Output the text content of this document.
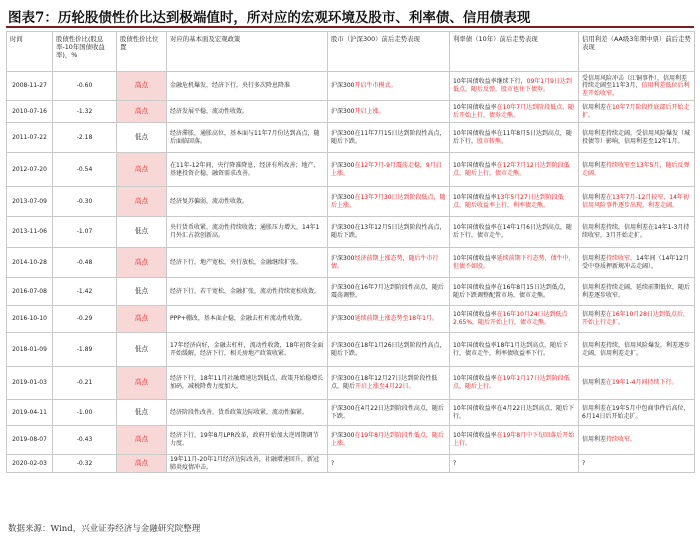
图表7：历轮股债性价比达到极端值时，所对应的宏观环境及股市、利率债、信用债表现
时间	股债性价比(股息率-10年国债收益率)，%	股债性价比位置	对应的基本面及宏观政策	股市（沪深300）前后走势表现	利率债（10年）前后走势表现	信用利差（AA级3年期中票）前后走势表现
2008-11-27	-0.60	高点	金融危机爆发，经济下行，央行多次降息降准	沪深300开启牛市模式。	10年国债收益率继续下行，09年1月9日达到低点，随后反弹，股市也往下债券。	受信用风险冲击（江铜事件），信用利差持续走阔至11年3月，信用利差低位后利差开始收窄。
2010-07-16	-1.32	高点	经济发展平稳，流动性收敛。	沪深300开启上涨。	10年国债收益率在10年7月达到阶段低点，随后开始上行，债券走熊。	信用利差在10年7月阶段性底部后开始走扩。
2011-07-22	-2.18	低点	经济滞胀，通胀高位，基本面与11年7月份达到高点，随后面临回落。	沪深300在11年7月15日达到阶段性高点，随后下跌。	10年国债收益率在11年8月5日达到高点，随后下行，股市转熊。	信用利差持续走阔，受信用风险爆发（城投债等）影响，信用利差至12年1月。
2012-07-20	-0.54	高点	在11年-12年间，央行降准降息，经济有所改善；地产、基建投资企稳，融资需求改善。	沪深300在12年7月-9月震荡走稳，9月启上涨。	10年国债收益率在12年7月12日达到阶段低点，随后上行，债市走熊。	信用利差持续收窄至13年5月，随后反弹走阔。
2013-07-09	-0.30	高点	经济复苏偏弱，流动性收敛。	沪深300在13年7月30日达到阶段低点，随后上涨。	10年国债收益率13年5月27日达到阶段低点，随后收益率上行，利率债走熊。	信用利差在13年7月-12月较窄，14年初信用风险事件逐步出现，利差走阔。
2013-11-06	-1.07	低点	央行货币收紧，流动性持续收敛；通胀压力增大，14年1月外汇占款创新高。	沪深300在13年12月5日达到阶段性高点，随后下跌。	10年国债收益率在14年1月6日达到高点，随后下行，债市走牛。	信用利差持续，信用利差在14年1-3月持续收窄，3月开始走扩。
2014-10-28	-0.48	高点	经济下行，地产宽松，央行放松，金融继续扩张。	沪深300经济前期上涨态势，随后牛市行情。	10年国债收益率延续前期下行态势，债牛中，但债不如股。	信用利差持续收窄，14年间（14年12月受中登质押新规冲击走阔）。
2016-07-08	-1.42	低点	经济下行，若干宽松，金融扩张，流动性持续宽松收敛。	沪深300在16年7月达到阶段性高点，随后震荡调整。	10年国债收益率在16年8月15日达到低点，随后下跌调整配置市场，债市走熊。	信用利差持续走阔，延续前期低位，随后利差逐步收窄。
2016-10-10	-0.29	高点	PPP+棚改，基本面企稳，金融去杠杆流动性收敛。	沪深300延续前期上涨态势至18年1月。	10年国债收益率在16年10月24日达到低点2.65%，随后开始上行，债市走熊。	信用利差在16年10月28日达到低点后，开始上行走扩。
2018-01-09	-1.89	低点	17年经济向好，金融去杠杆，流动性收敛，18年初资金面开始缓解，经济下行，相关房地产政策收紧。	沪深300在18年1月26日达到阶段性高点，随后下跌。	10年国债收益率18年1月达到高点，随后下行，债市走牛，利率债收益率下行。	信用利差持续，信用风险爆发，利差逐步走阔，信用利差走扩。
2019-01-03	-0.21	高点	经济下行，18年11月社融增速达到低点，政策开始稳增长加码，减税降费力度加大。	沪深300在18年12月27日达到阶段性低点，随后开启上涨至4月22日。	10年国债收益率在19年1月17日达到阶段低点，随后上行。	信用利差在19年1-4月间持续下行。
2019-04-11	-1.00	低点	经济阶段性改善，货币政策边际收紧，流动性偏紧。	沪深300在4月22日达到阶段性高点，随后下跌。	10年国债收益率在4月22日达到高点，随后下行。	信用利差在19年5月中包商事件后高位，6月14日后开始走扩。
2019-08-07	-0.43	高点	经济下行，19年8月LPR改革，政府开始加大逆周期调节力度。	沪深300在19年8月达到阶段性低点，随后上涨。	10年国债收益率在19年8月中下旬回落后开始上行。	信用利差持续收窄。
2020-02-03	-0.32	高点	19年11月-20年1月经济边际改善，社融增速回升，新冠肺炎疫情冲击。	?	?	?
数据来源：Wind，兴业证券经济与金融研究院整理
